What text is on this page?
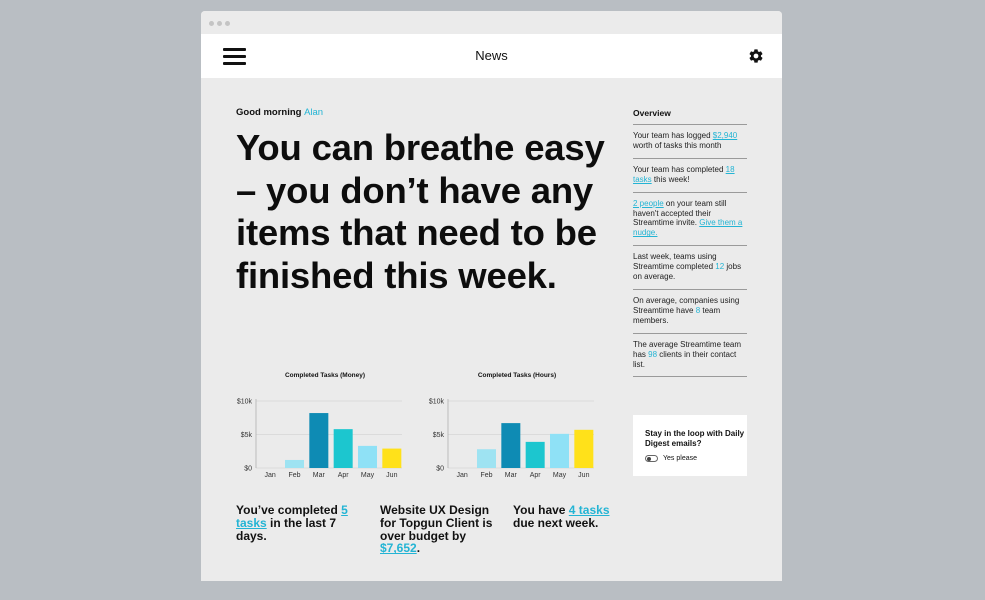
News
Good morning Alan
You can breathe easy – you don’t have any items that need to be finished this week.
Completed Tasks (Money)
$10k
$5k
$0
Jan Feb Mar Apr May Jun
Completed Tasks (Hours)
$10k
$5k
$0
Jan Feb Mar Apr May Jun
You’ve completed 5 tasks in the last 7 days.
Website UX Design for Topgun Client is over budget by $7,652.
You have 4 tasks due next week.
Overview
Your team has logged $2,940 worth of tasks this month
Your team has completed 18 tasks this week!
2 people on your team still haven't accepted their Streamtime invite. Give them a nudge.
Last week, teams using Streamtime completed 12 jobs on average.
On average, companies using Streamtime have 8 team members.
The average Streamtime team has 98 clients in their contact list.
Stay in the loop with Daily Digest emails?
Yes please
